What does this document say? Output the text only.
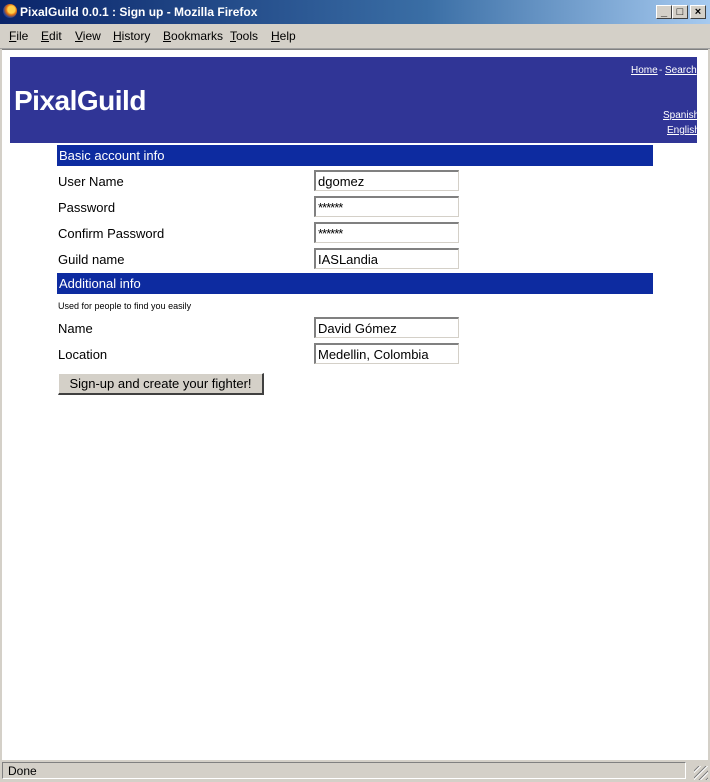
PixalGuild 0.0.1 : Sign up - Mozilla Firefox	_ □	×
File Edit View History Bookmarks Tools Help
PixalGuild
Home - Search
Spanish
English
Basic account info
User Name
dgomez
Password
******
Confirm Password
******
Guild name
IASLandia
Additional info
Used for people to find you easily
Name
David Gómez
Location
Medellin, Colombia
Sign-up and create your fighter!
Done
